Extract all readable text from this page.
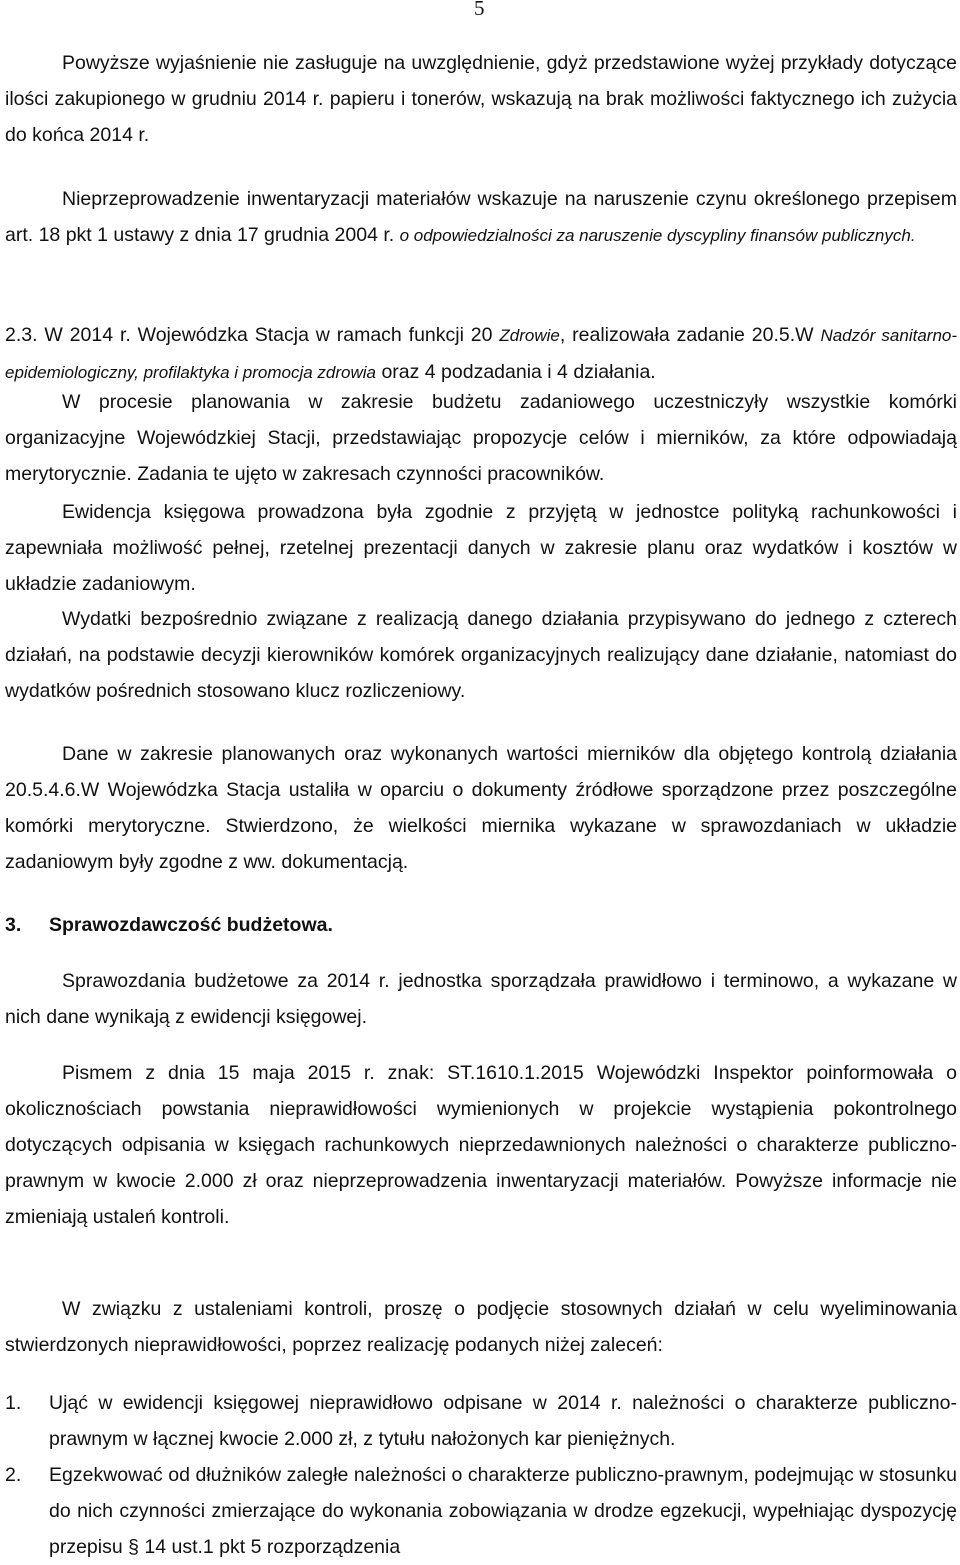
5

Powyższe wyjaśnienie nie zasługuje na uwzględnienie, gdyż przedstawione wyżej przykłady dotyczące ilości zakupionego w grudniu 2014 r. papieru i tonerów, wskazują na brak możliwości faktycznego ich zużycia do końca 2014 r.

Nieprzeprowadzenie inwentaryzacji materiałów wskazuje na naruszenie czynu określonego przepisem art. 18 pkt 1 ustawy z dnia 17 grudnia 2004 r. o odpowiedzialności za naruszenie dyscypliny finansów publicznych.

2.3. W 2014 r. Wojewódzka Stacja w ramach funkcji 20 Zdrowie, realizowała zadanie 20.5.W Nadzór sanitarno-epidemiologiczny, profilaktyka i promocja zdrowia oraz 4 podzadania i 4 działania.

W procesie planowania w zakresie budżetu zadaniowego uczestniczyły wszystkie komórki organizacyjne Wojewódzkiej Stacji, przedstawiając propozycje celów i mierników, za które odpowiadają merytorycznie. Zadania te ujęto w zakresach czynności pracowników.

Ewidencja księgowa prowadzona była zgodnie z przyjętą w jednostce polityką rachunkowości i zapewniała możliwość pełnej, rzetelnej prezentacji danych w zakresie planu oraz wydatków i kosztów w układzie zadaniowym.

Wydatki bezpośrednio związane z realizacją danego działania przypisywano do jednego z czterech działań, na podstawie decyzji kierowników komórek organizacyjnych realizujący dane działanie, natomiast do wydatków pośrednich stosowano klucz rozliczeniowy.

Dane w zakresie planowanych oraz wykonanych wartości mierników dla objętego kontrolą działania 20.5.4.6.W Wojewódzka Stacja ustaliła w oparciu o dokumenty źródłowe sporządzone przez poszczególne komórki merytoryczne. Stwierdzono, że wielkości miernika wykazane w sprawozdaniach w układzie zadaniowym były zgodne z ww. dokumentacją.

3. Sprawozdawczość budżetowa.

Sprawozdania budżetowe za 2014 r. jednostka sporządzała prawidłowo i terminowo, a wykazane w nich dane wynikają z ewidencji księgowej.

Pismem z dnia 15 maja 2015 r. znak: ST.1610.1.2015 Wojewódzki Inspektor poinformowała o okolicznościach powstania nieprawidłowości wymienionych w projekcie wystąpienia pokontrolnego dotyczących odpisania w księgach rachunkowych nieprzedawnionych należności o charakterze publiczno-prawnym w kwocie 2.000 zł oraz nieprzeprowadzenia inwentaryzacji materiałów. Powyższe informacje nie zmieniają ustaleń kontroli.

W związku z ustaleniami kontroli, proszę o podjęcie stosownych działań w celu wyeliminowania stwierdzonych nieprawidłowości, poprzez realizację podanych niżej zaleceń:

1. Ująć w ewidencji księgowej nieprawidłowo odpisane w 2014 r. należności o charakterze publiczno-prawnym w łącznej kwocie 2.000 zł, z tytułu nałożonych kar pieniężnych.
2. Egzekwować od dłużników zaległe należności o charakterze publiczno-prawnym, podejmując w stosunku do nich czynności zmierzające do wykonania zobowiązania w drodze egzekucji, wypełniając dyspozycję przepisu § 14 ust.1 pkt 5 rozporządzenia
